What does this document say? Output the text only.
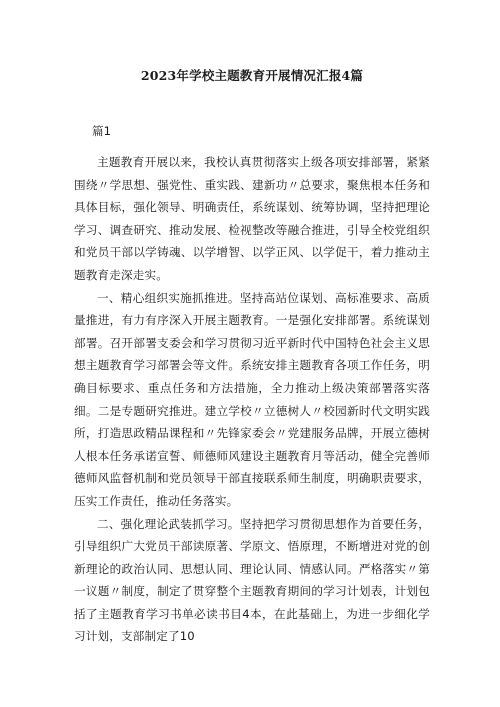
2023年学校主题教育开展情况汇报4篇
篇1

主题教育开展以来，我校认真贯彻落实上级各项安排部署，紧紧围绕〃学思想、强党性、重实践、建新功〃总要求，聚焦根本任务和具体目标，强化领导、明确责任，系统谋划、统筹协调，坚持把理论学习、调查研究、推动发展、检视整改等融合推进，引导全校党组织和党员干部以学铸魂、以学增智、以学正风、以学促干，着力推动主题教育走深走实。

一、精心组织实施抓推进。坚持高站位谋划、高标准要求、高质量推进，有力有序深入开展主题教育。一是强化安排部署。系统谋划部署。召开部署支委会和学习贯彻习近平新时代中国特色社会主义思想主题教育学习部署会等文件。系统安排主题教育各项工作任务，明确目标要求、重点任务和方法措施，全力推动上级决策部署落实落细。二是专题研究推进。建立学校〃立德树人〃校园新时代文明实践所，打造思政精品课程和〃先锋家委会〃党建服务品牌，开展立德树人根本任务承诺宣誓、师德师风建设主题教育月等活动，健全完善师德师风监督机制和党员领导干部直接联系师生制度，明确职责要求，压实工作责任，推动任务落实。

二、强化理论武装抓学习。坚持把学习贯彻思想作为首要任务，引导组织广大党员干部读原著、学原文、悟原理，不断增进对党的创新理论的政治认同、思想认同、理论认同、情感认同。严格落实〃第一议题〃制度，制定了贯穿整个主题教育期间的学习计划表，计划包括了主题教育学习书单必读书目4本，在此基础上，为进一步细化学习计划，支部制定了10
